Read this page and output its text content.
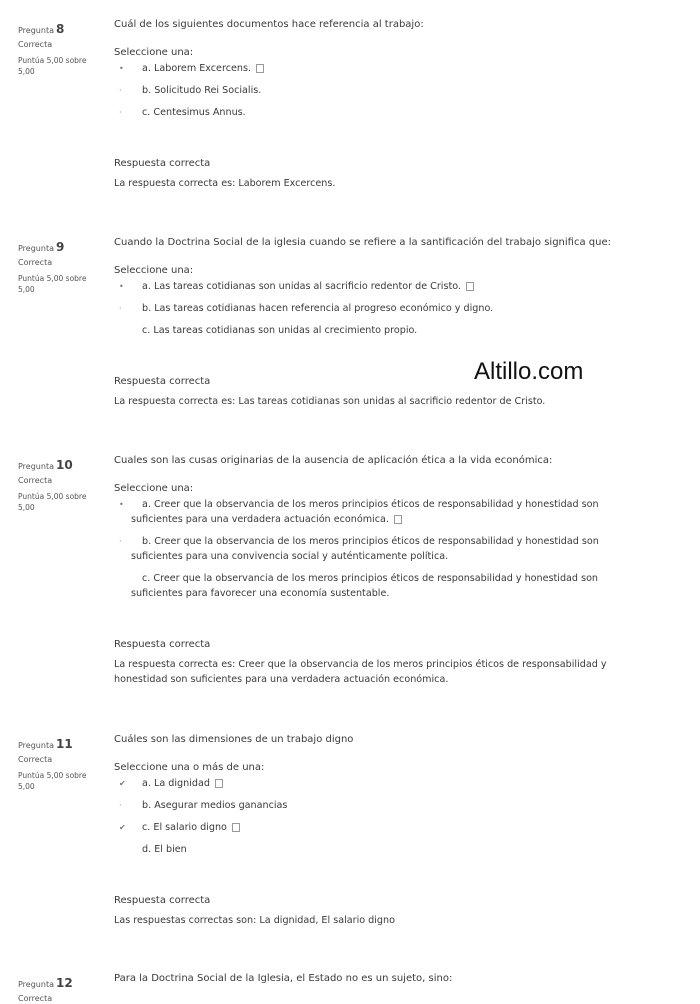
Pregunta 8
Correcta
Puntúa 5,00 sobre 5,00
Cuál de los siguientes documentos hace referencia al trabajo:
Seleccione una:
•	a. Laborem Excercens.
·	b. Solicitudo Rei Socialis.
·	c. Centesimus Annus.
Respuesta correcta
La respuesta correcta es: Laborem Excercens.
Pregunta 9
Correcta
Puntúa 5,00 sobre 5,00
Cuando la Doctrina Social de la iglesia cuando se refiere a la santificación del trabajo significa que:
Seleccione una:
•	a. Las tareas cotidianas son unidas al sacrificio redentor de Cristo.
·	b. Las tareas cotidianas hacen referencia al progreso económico y digno.
c. Las tareas cotidianas son unidas al crecimiento propio.
Respuesta correcta
La respuesta correcta es: Las tareas cotidianas son unidas al sacrificio redentor de Cristo.
Altillo.com
Pregunta 10
Correcta
Puntúa 5,00 sobre 5,00
Cuales son las cusas originarias de la ausencia de aplicación ética a la vida económica:
Seleccione una:
•	a. Creer que la observancia de los meros principios éticos de responsabilidad y honestidad son suficientes para una verdadera actuación económica.
·	b. Creer que la observancia de los meros principios éticos de responsabilidad y honestidad son suficientes para una convivencia social y auténticamente política.
c. Creer que la observancia de los meros principios éticos de responsabilidad y honestidad son suficientes para favorecer una economía sustentable.
Respuesta correcta
La respuesta correcta es: Creer que la observancia de los meros principios éticos de responsabilidad y honestidad son suficientes para una verdadera actuación económica.
Pregunta 11
Correcta
Puntúa 5,00 sobre 5,00
Cuáles son las dimensiones de un trabajo digno
Seleccione una o más de una:
✔	a. La dignidad
·	b. Asegurar medios ganancias
✔	c. El salario digno
d. El bien
Respuesta correcta
Las respuestas correctas son: La dignidad, El salario digno
Pregunta 12
Correcta
Para la Doctrina Social de la Iglesia, el Estado no es un sujeto, sino:
